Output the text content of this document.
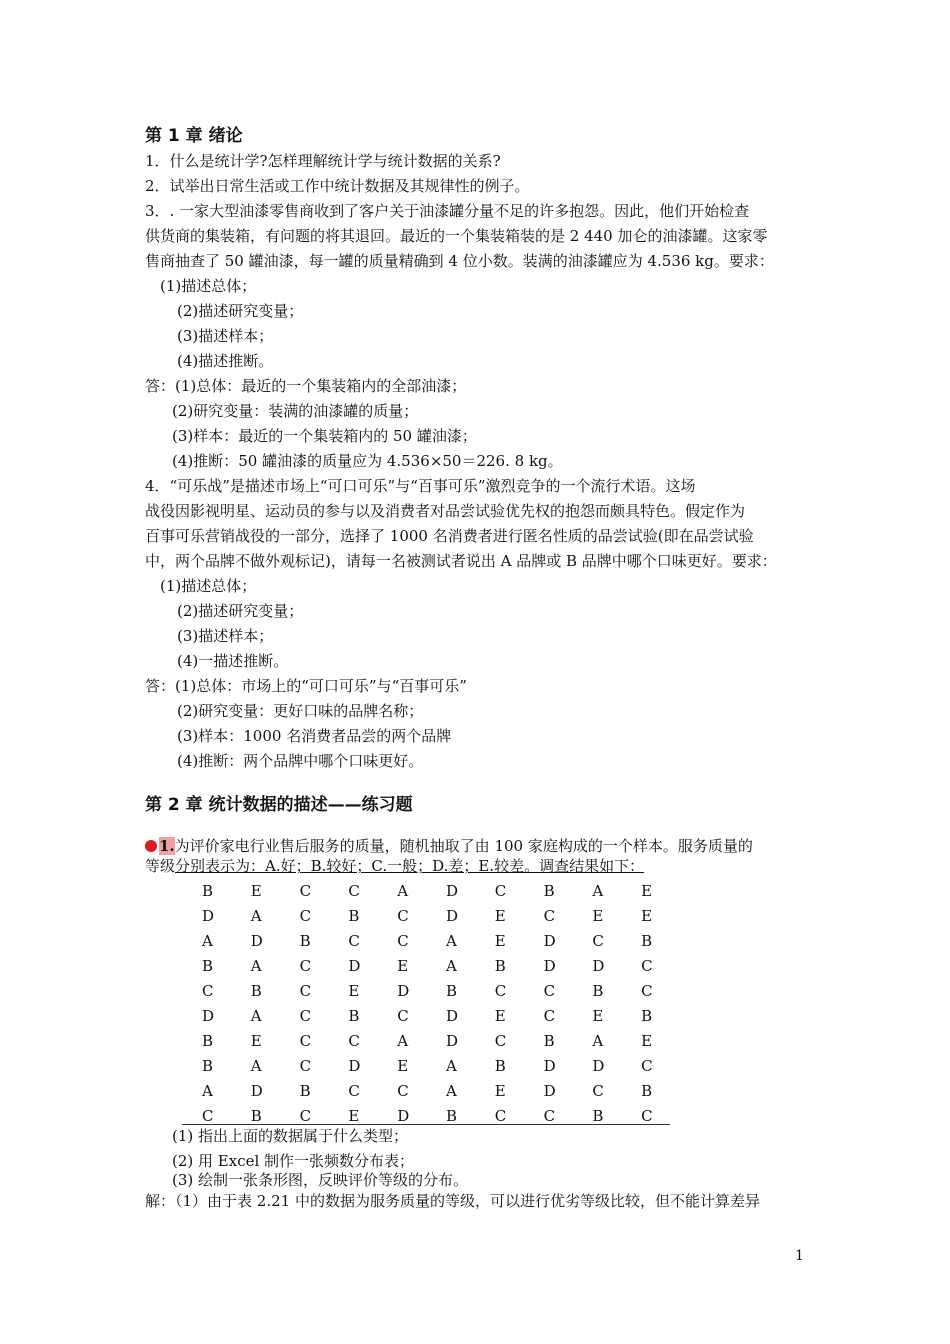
第 1 章 绪论
1．什么是统计学?怎样理解统计学与统计数据的关系?
2．试举出日常生活或工作中统计数据及其规律性的例子。
3．. 一家大型油漆零售商收到了客户关于油漆罐分量不足的许多抱怨。因此，他们开始检查
供货商的集装箱，有问题的将其退回。最近的一个集装箱装的是 2 440 加仑的油漆罐。这家零
售商抽查了 50 罐油漆，每一罐的质量精确到 4 位小数。装满的油漆罐应为 4.536 kg。要求：
(1)描述总体；
(2)描述研究变量；
(3)描述样本；
(4)描述推断。
答：(1)总体：最近的一个集装箱内的全部油漆；
(2)研究变量：装满的油漆罐的质量；
(3)样本：最近的一个集装箱内的 50 罐油漆；
(4)推断：50 罐油漆的质量应为 4.536×50＝226. 8 kg。
4．“可乐战”是描述市场上“可口可乐”与“百事可乐”激烈竞争的一个流行术语。这场
战役因影视明星、运动员的参与以及消费者对品尝试验优先权的抱怨而颇具特色。假定作为
百事可乐营销战役的一部分，选择了 1000 名消费者进行匿名性质的品尝试验(即在品尝试验
中，两个品牌不做外观标记)，请每一名被测试者说出 A 品牌或 B 品牌中哪个口味更好。要求：
(1)描述总体；
(2)描述研究变量；
(3)描述样本；
(4)一描述推断。
答：(1)总体：市场上的“可口可乐”与“百事可乐”
(2)研究变量：更好口味的品牌名称；
(3)样本：1000 名消费者品尝的两个品牌
(4)推断：两个品牌中哪个口味更好。
第 2 章 统计数据的描述——练习题
1.为评价家电行业售后服务的质量，随机抽取了由 100 家庭构成的一个样本。服务质量的
等级分别表示为：A.好；B.较好；C.一般；D.差；E.较差。调查结果如下：
B	E	C	C	A	D	C	B	A	E
D	A	C	B	C	D	E	C	E	E
A	D	B	C	C	A	E	D	C	B
B	A	C	D	E	A	B	D	D	C
C	B	C	E	D	B	C	C	B	C
D	A	C	B	C	D	E	C	E	B
B	E	C	C	A	D	C	B	A	E
B	A	C	D	E	A	B	D	D	C
A	D	B	C	C	A	E	D	C	B
C	B	C	E	D	B	C	C	B	C
(1) 指出上面的数据属于什么类型；
(2) 用 Excel 制作一张频数分布表；
(3) 绘制一张条形图，反映评价等级的分布。
解：（1）由于表 2.21 中的数据为服务质量的等级，可以进行优劣等级比较，但不能计算差异
1
